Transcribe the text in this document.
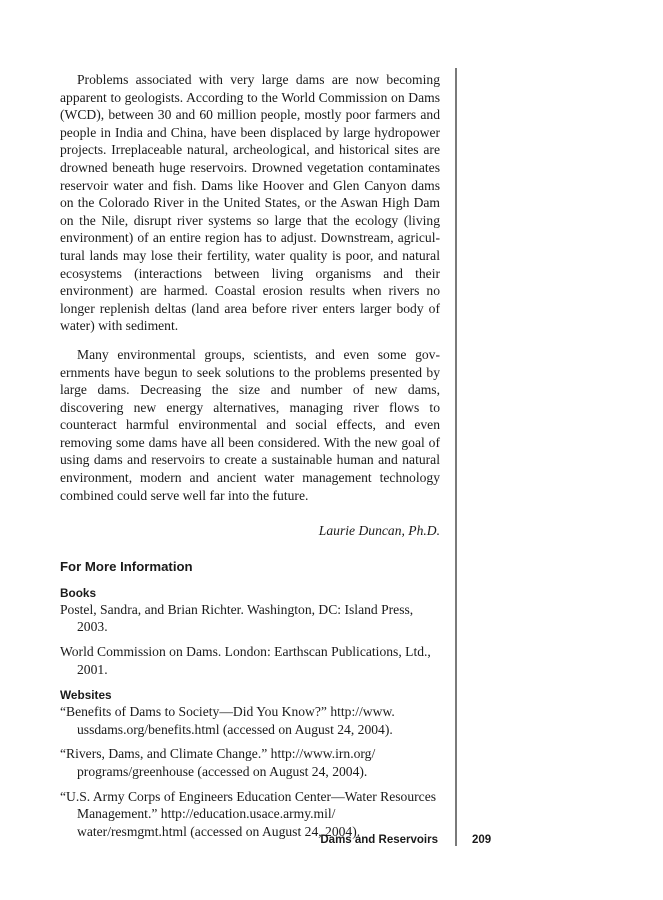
Problems associated with very large dams are now becoming apparent to geologists. According to the World Commission on Dams (WCD), between 30 and 60 million people, mostly poor farmers and people in India and China, have been displaced by large hydropower projects. Irreplaceable natural, archeological, and historical sites are drowned beneath huge reservoirs. Drowned vegetation contaminates reservoir water and fish. Dams like Hoover and Glen Canyon dams on the Colorado River in the United States, or the Aswan High Dam on the Nile, disrupt river systems so large that the ecology (living environment) of an entire region has to adjust. Downstream, agricultural lands may lose their fertility, water quality is poor, and natural ecosystems (interactions between living organisms and their environment) are harmed. Coastal erosion results when rivers no longer replenish deltas (land area before river enters larger body of water) with sediment.

Many environmental groups, scientists, and even some governments have begun to seek solutions to the problems presented by large dams. Decreasing the size and number of new dams, discovering new energy alternatives, managing river flows to counteract harmful environmental and social effects, and even removing some dams have all been considered. With the new goal of using dams and reservoirs to create a sustainable human and natural environment, modern and ancient water management technology combined could serve well far into the future.

Laurie Duncan, Ph.D.

For More Information
Books

Postel, Sandra, and Brian Richter. Washington, DC: Island Press, 2003.

World Commission on Dams. London: Earthscan Publications, Ltd., 2001.

Websites

“Benefits of Dams to Society—Did You Know?” http://www.​ussdams.org/benefits.html (accessed on August 24, 2004).

“Rivers, Dams, and Climate Change.” http://www.irn.org/​programs/greenhouse (accessed on August 24, 2004).

“U.S. Army Corps of Engineers Education Center—Water Resources Management.” http://education.usace.army.mil/​water/resmgmt.html (accessed on August 24, 2004).

Dams and Reservoirs	209
